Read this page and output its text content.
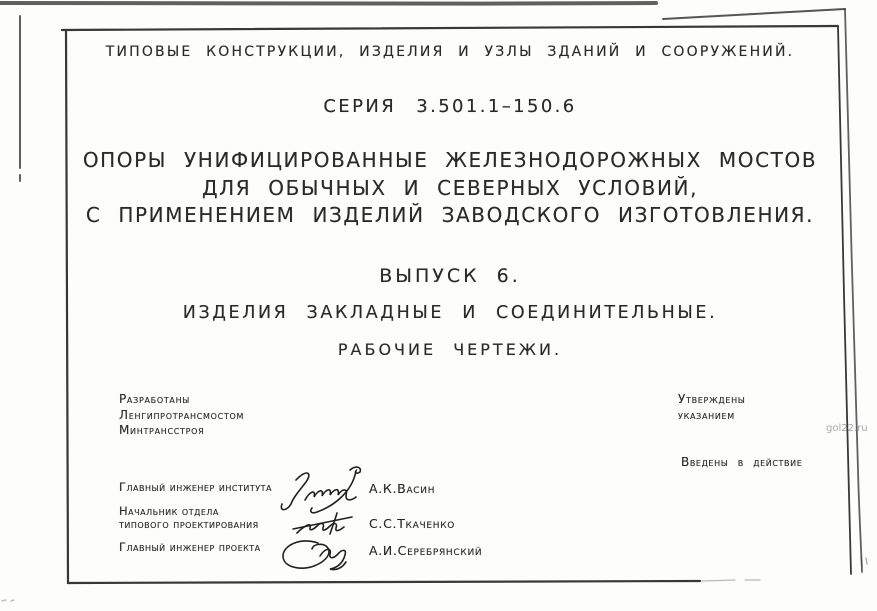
ТИПОВЫЕ КОНСТРУКЦИИ, ИЗДЕЛИЯ И УЗЛЫ ЗДАНИЙ И СООРУЖЕНИЙ.
СЕРИЯ 3.501.1–150.6
ОПОРЫ УНИФИЦИРОВАННЫЕ ЖЕЛЕЗНОДОРОЖНЫХ МОСТОВ
ДЛЯ ОБЫЧНЫХ И СЕВЕРНЫХ УСЛОВИЙ,
С ПРИМЕНЕНИЕМ ИЗДЕЛИЙ ЗАВОДСКОГО ИЗГОТОВЛЕНИЯ.
ВЫПУСК 6.
ИЗДЕЛИЯ ЗАКЛАДНЫЕ И СОЕДИНИТЕЛЬНЫЕ.
РАБОЧИЕ ЧЕРТЕЖИ.
Разработаны
Ленгипротрансмостом
Минтрансстроя
Утверждены
указанием
Введены в действие
Главный инженер института	А.К.Васин
Начальник отдела
типового проектирования	С.С.Ткаченко
Главный инженер проекта	А.И.Серебрянский
gol22.ru
